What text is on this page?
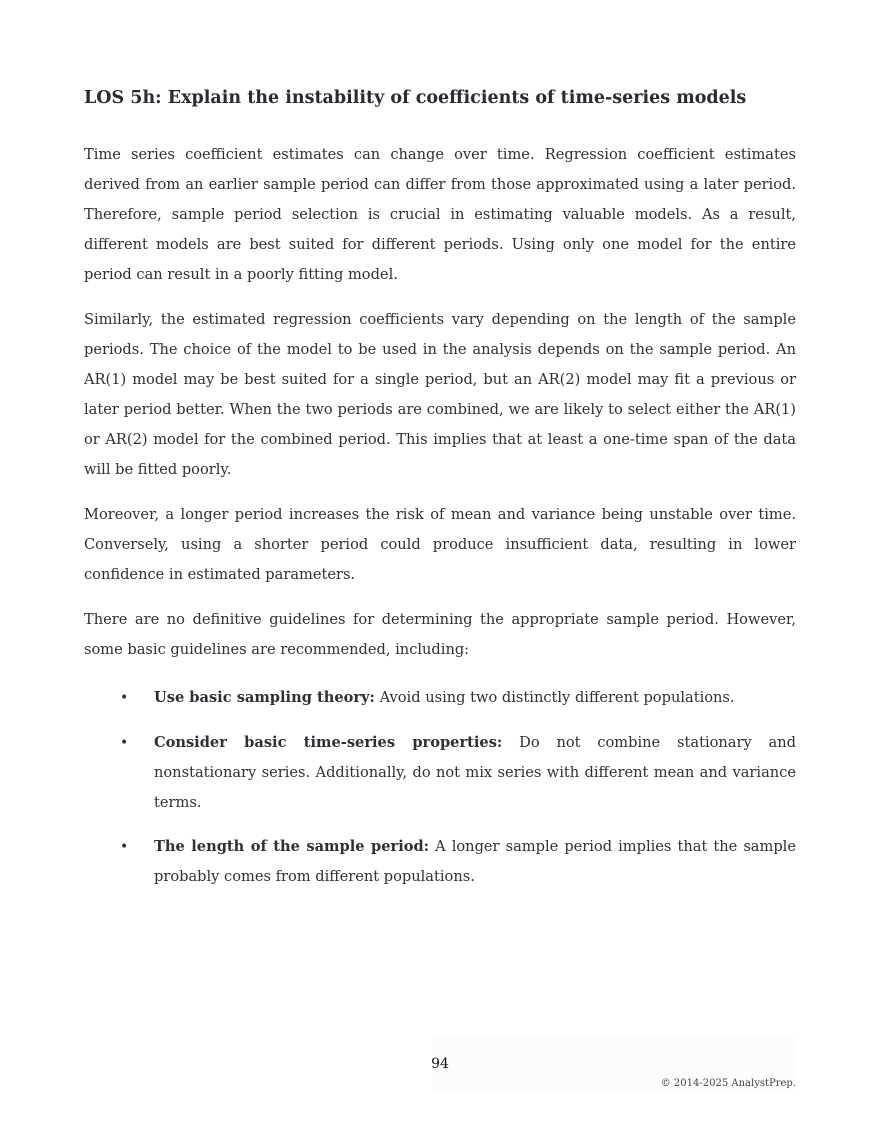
LOS 5h: Explain the instability of coefficients of time-series models

Time series coefficient estimates can change over time. Regression coefficient estimates derived from an earlier sample period can differ from those approximated using a later period. Therefore, sample period selection is crucial in estimating valuable models. As a result, different models are best suited for different periods. Using only one model for the entire period can result in a poorly fitting model.

Similarly, the estimated regression coefficients vary depending on the length of the sample periods. The choice of the model to be used in the analysis depends on the sample period. An AR(1) model may be best suited for a single period, but an AR(2) model may fit a previous or later period better. When the two periods are combined, we are likely to select either the AR(1) or AR(2) model for the combined period. This implies that at least a one-time span of the data will be fitted poorly.

Moreover, a longer period increases the risk of mean and variance being unstable over time. Conversely, using a shorter period could produce insufficient data, resulting in lower confidence in estimated parameters.

There are no definitive guidelines for determining the appropriate sample period. However, some basic guidelines are recommended, including:

• Use basic sampling theory: Avoid using two distinctly different populations.
• Consider basic time-series properties: Do not combine stationary and nonstationary series. Additionally, do not mix series with different mean and variance terms.
• The length of the sample period: A longer sample period implies that the sample probably comes from different populations.
94
© 2014-2025 AnalystPrep.
